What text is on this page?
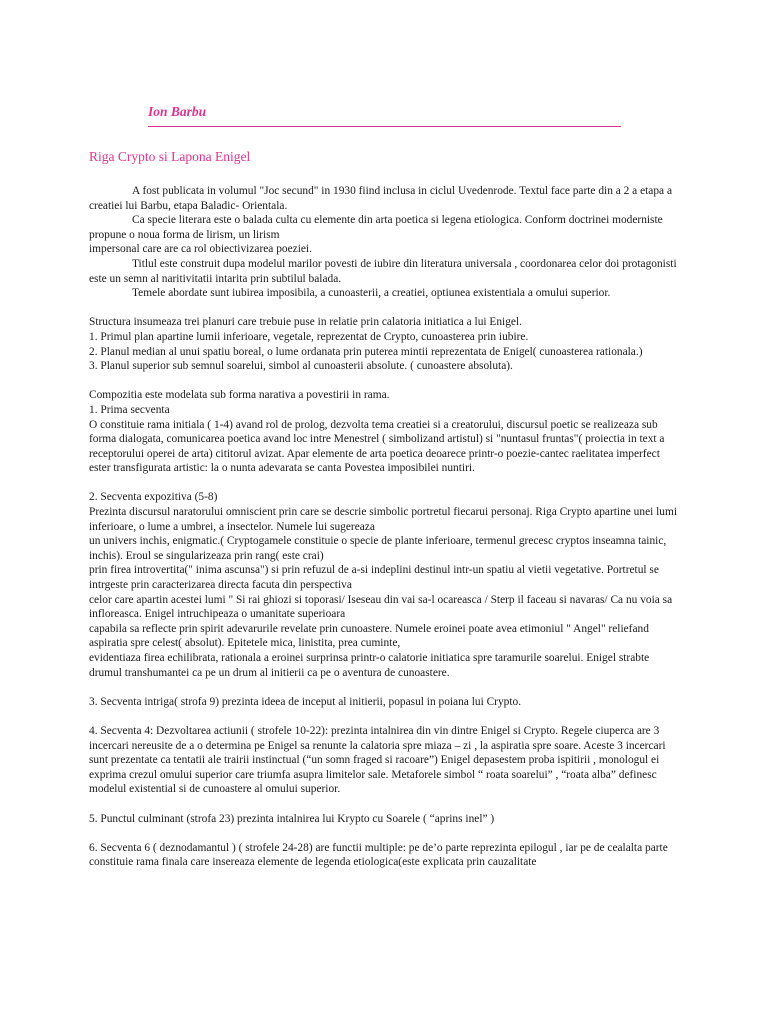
Ion Barbu
Riga Crypto si Lapona Enigel

A fost publicata in volumul "Joc secund" in 1930 fiind inclusa in ciclul Uvedenrode. Textul face parte din a 2 a etapa a creatiei lui Barbu, etapa Baladic- Orientala.

Ca specie literara este o balada culta cu elemente din arta poetica si legena etiologica. Conform doctrinei moderniste propune o noua forma de lirism, un lirism

impersonal care are ca rol obiectivizarea poeziei.

Titlul este construit dupa modelul marilor povesti de iubire din literatura universala , coordonarea celor doi protagonisti

este un semn al naritivitatii intarita prin subtilul balada.

Temele abordate sunt iubirea imposibila, a cunoasterii, a creatiei, optiunea existentiala a omului superior.

Structura insumeaza trei planuri care trebuie puse in relatie prin calatoria initiatica a lui Enigel.

1. Primul plan apartine lumii inferioare, vegetale, reprezentat de Crypto, cunoasterea prin iubire.

2. Planul median al unui spatiu boreal, o lume ordanata prin puterea mintii reprezentata de Enigel( cunoasterea rationala.)

3. Planul superior sub semnul soarelui, simbol al cunoasterii absolute. ( cunoastere absoluta).

Compozitia este modelata sub forma narativa a povestirii in rama.

1. Prima secventa

O constituie rama initiala ( 1-4) avand rol de prolog, dezvolta tema creatiei si a creatorului, discursul poetic se realizeaza sub forma dialogata, comunicarea poetica avand loc intre Menestrel ( simbolizand artistul) si "nuntasul fruntas"( proiectia in text a receptorului operei de arta) cititorul avizat. Apar elemente de arta poetica deoarece printr-o poezie-cantec raelitatea imperfect ester transfigurata artistic: la o nunta adevarata se canta Povestea imposibilei nuntiri.

2. Secventa expozitiva (5-8)

Prezinta discursul naratorului omniscient prin care se descrie simbolic portretul fiecarui personaj. Riga Crypto apartine unei lumi inferioare, o lume a umbrei, a insectelor. Numele lui sugereaza

un univers inchis, enigmatic.( Cryptogamele constituie o specie de plante inferioare, termenul grecesc cryptos inseamna tainic, inchis). Eroul se singularizeaza prin rang( este crai)

prin firea introvertita(" inima ascunsa") si prin refuzul de a-si indeplini destinul intr-un spatiu al vietii vegetative. Portretul se intrgeste prin caracterizarea directa facuta din perspectiva

celor care apartin acestei lumi " Si rai ghiozi si toporasi/ Iseseau din vai sa-l ocareasca / Sterp il faceau si navaras/ Ca nu voia sa infloreasca. Enigel intruchipeaza o umanitate superioara

capabila sa reflecte prin spirit adevarurile revelate prin cunoastere. Numele eroinei poate avea etimoniul " Angel" reliefand aspiratia spre celest( absolut). Epitetele mica, linistita, prea cuminte,

evidentiaza firea echilibrata, rationala a eroinei surprinsa printr-o calatorie initiatica spre taramurile soarelui. Enigel strabte drumul transhumantei ca pe un drum al initierii ca pe o aventura de cunoastere.

3. Secventa intriga( strofa 9) prezinta ideea de inceput al initierii, popasul in poiana lui Crypto.

4. Secventa 4: Dezvoltarea actiunii ( strofele 10-22): prezinta intalnirea din vin dintre Enigel si Crypto. Regele ciuperca are 3 incercari nereusite de a o determina pe Enigel sa renunte la calatoria spre miaza – zi , la aspiratia spre soare. Aceste 3 incercari sunt prezentate ca tentatii ale trairii instinctual (“un somn fraged si racoare”) Enigel depasestem proba ispitirii , monologul ei exprima crezul omului superior care triumfa asupra limitelor sale. Metaforele simbol “ roata soarelui” , “roata alba” definesc modelul existential si de cunoastere al omului superior.

5. Punctul culminant (strofa 23) prezinta intalnirea lui Krypto cu Soarele ( “aprins inel” )

6. Secventa 6 ( deznodamantul ) ( strofele 24-28) are functii multiple: pe de’o parte reprezinta epilogul , iar pe de cealalta parte constituie rama finala care insereaza elemente de legenda etiologica(este explicata prin cauzalitate
